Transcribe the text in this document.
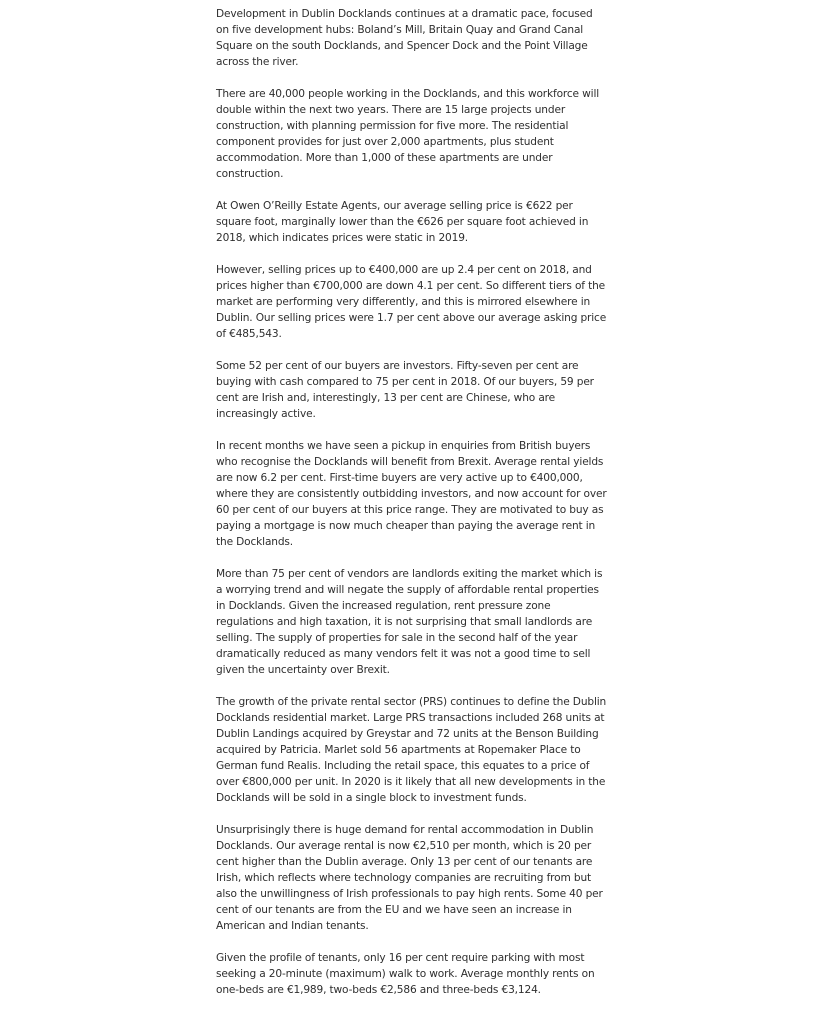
Development in Dublin Docklands continues at a dramatic pace, focused on five development hubs: Boland’s Mill, Britain Quay and Grand Canal Square on the south Docklands, and Spencer Dock and the Point Village across the river.

There are 40,000 people working in the Docklands, and this workforce will double within the next two years. There are 15 large projects under construction, with planning permission for five more. The residential component provides for just over 2,000 apartments, plus student accommodation. More than 1,000 of these apartments are under construction.

At Owen O’Reilly Estate Agents, our average selling price is €622 per square foot, marginally lower than the €626 per square foot achieved in 2018, which indicates prices were static in 2019.

However, selling prices up to €400,000 are up 2.4 per cent on 2018, and prices higher than €700,000 are down 4.1 per cent. So different tiers of the market are performing very differently, and this is mirrored elsewhere in Dublin. Our selling prices were 1.7 per cent above our average asking price of €485,543.

Some 52 per cent of our buyers are investors. Fifty-seven per cent are buying with cash compared to 75 per cent in 2018. Of our buyers, 59 per cent are Irish and, interestingly, 13 per cent are Chinese, who are increasingly active.

In recent months we have seen a pickup in enquiries from British buyers who recognise the Docklands will benefit from Brexit. Average rental yields are now 6.2 per cent. First-time buyers are very active up to €400,000, where they are consistently outbidding investors, and now account for over 60 per cent of our buyers at this price range. They are motivated to buy as paying a mortgage is now much cheaper than paying the average rent in the Docklands.

More than 75 per cent of vendors are landlords exiting the market which is a worrying trend and will negate the supply of affordable rental properties in Docklands. Given the increased regulation, rent pressure zone regulations and high taxation, it is not surprising that small landlords are selling. The supply of properties for sale in the second half of the year dramatically reduced as many vendors felt it was not a good time to sell given the uncertainty over Brexit.

The growth of the private rental sector (PRS) continues to define the Dublin Docklands residential market. Large PRS transactions included 268 units at Dublin Landings acquired by Greystar and 72 units at the Benson Building acquired by Patricia. Marlet sold 56 apartments at Ropemaker Place to German fund Realis. Including the retail space, this equates to a price of over €800,000 per unit. In 2020 is it likely that all new developments in the Docklands will be sold in a single block to investment funds.

Unsurprisingly there is huge demand for rental accommodation in Dublin Docklands. Our average rental is now €2,510 per month, which is 20 per cent higher than the Dublin average. Only 13 per cent of our tenants are Irish, which reflects where technology companies are recruiting from but also the unwillingness of Irish professionals to pay high rents. Some 40 per cent of our tenants are from the EU and we have seen an increase in American and Indian tenants.

Given the profile of tenants, only 16 per cent require parking with most seeking a 20-minute (maximum) walk to work. Average monthly rents on one-beds are €1,989, two-beds €2,586 and three-beds €3,124.
